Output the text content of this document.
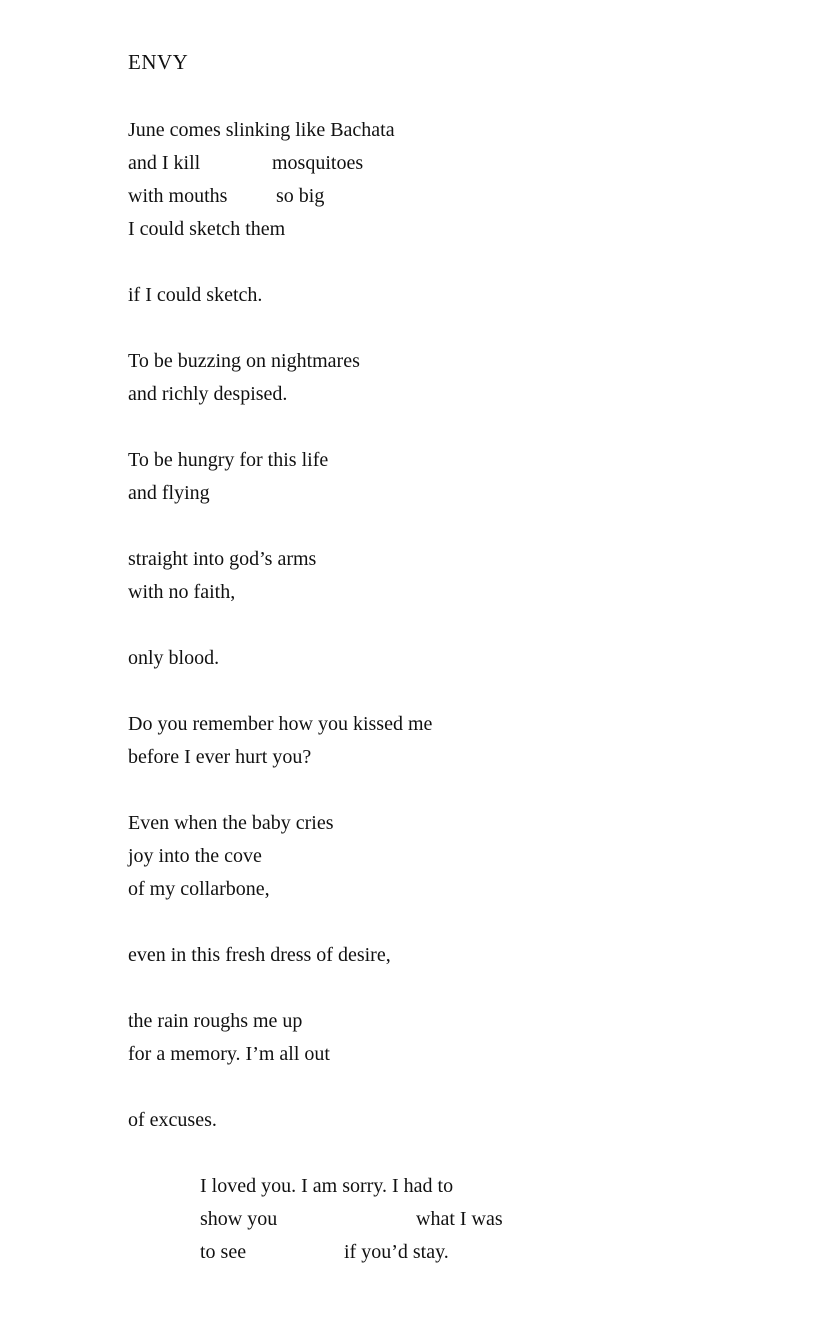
ENVY
June comes slinking like Bachata
and I kill	mosquitoes
with mouths so big
I could sketch them
if I could sketch.
To be buzzing on nightmares
and richly despised.
To be hungry for this life
and flying
straight into god’s arms
with no faith,
only blood.
Do you remember how you kissed me
before I ever hurt you?
Even when the baby cries
joy into the cove
of my collarbone,
even in this fresh dress of desire,
the rain roughs me up
for a memory. I’m all out
of excuses.
I loved you. I am sorry. I had to
show you	what I was
to see	if you’d stay.
